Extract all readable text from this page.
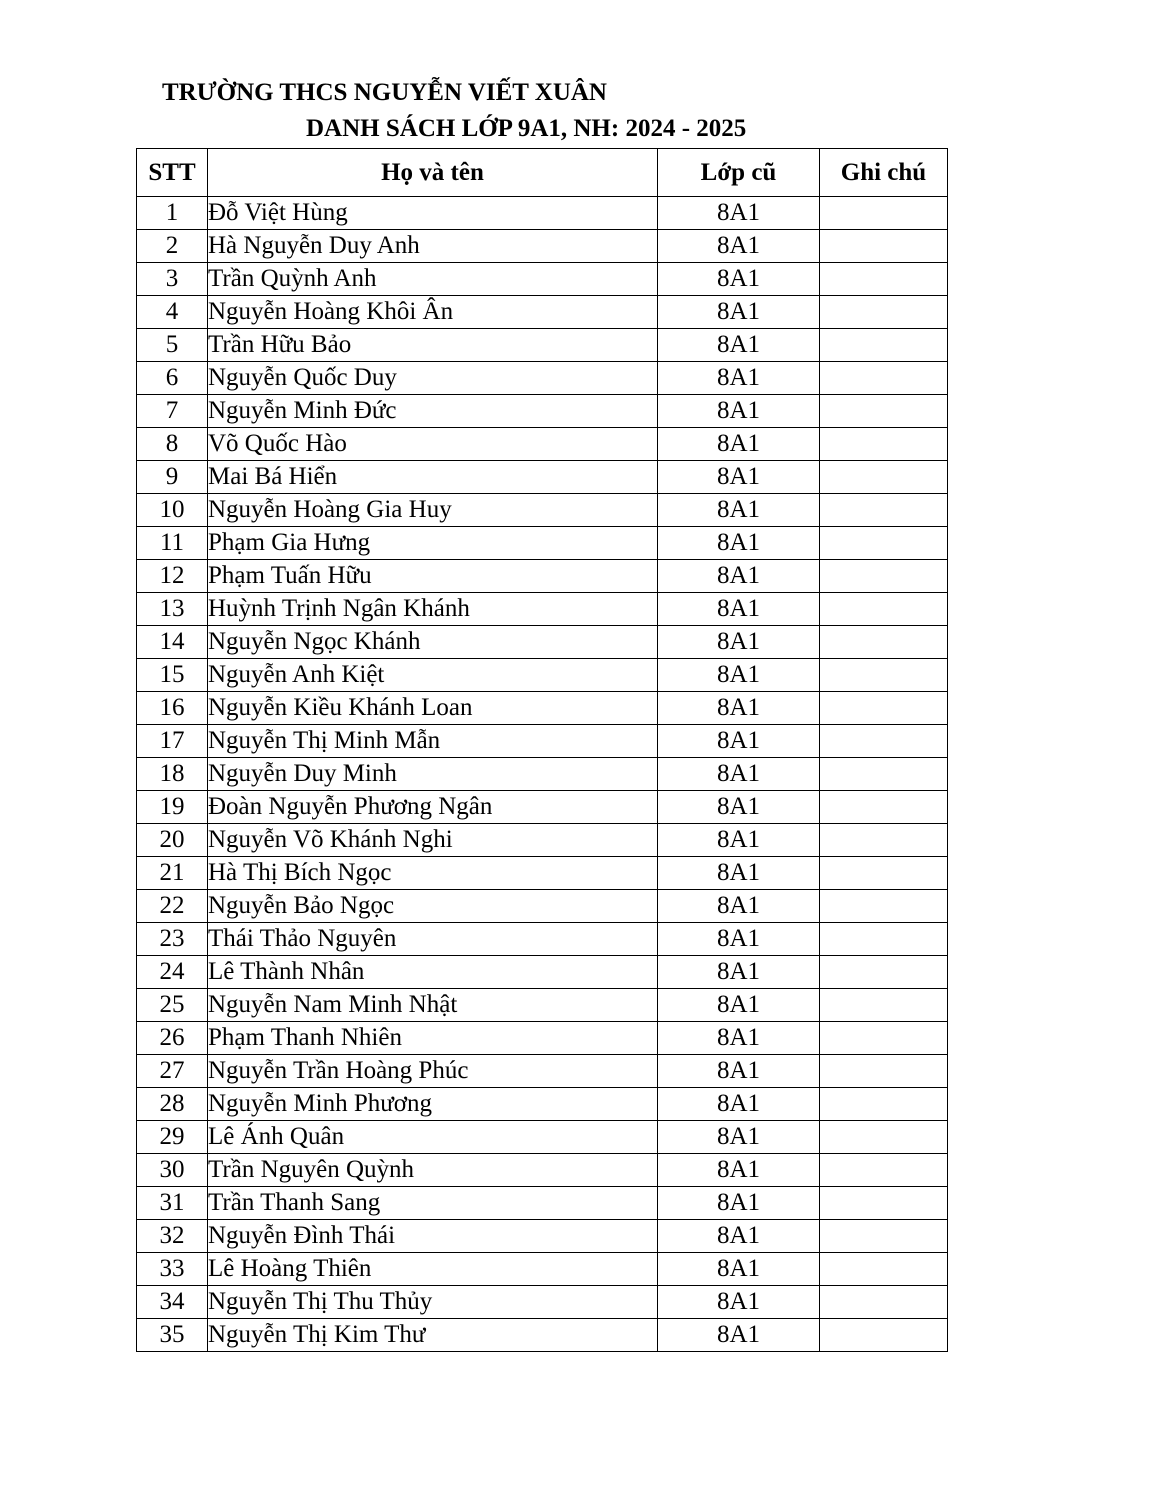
TRƯỜNG THCS NGUYỄN VIẾT XUÂN
DANH SÁCH LỚP 9A1, NH: 2024 - 2025
STT	Họ và tên	Lớp cũ	Ghi chú
1	Đỗ Việt Hùng	8A1	
2	Hà Nguyễn Duy Anh	8A1	
3	Trần Quỳnh Anh	8A1	
4	Nguyễn Hoàng Khôi Ân	8A1	
5	Trần Hữu Bảo	8A1	
6	Nguyễn Quốc Duy	8A1	
7	Nguyễn Minh Đức	8A1	
8	Võ Quốc Hào	8A1	
9	Mai Bá Hiển	8A1	
10	Nguyễn Hoàng Gia Huy	8A1	
11	Phạm Gia Hưng	8A1	
12	Phạm Tuấn Hữu	8A1	
13	Huỳnh Trịnh Ngân Khánh	8A1	
14	Nguyễn Ngọc Khánh	8A1	
15	Nguyễn Anh Kiệt	8A1	
16	Nguyễn Kiều Khánh Loan	8A1	
17	Nguyễn Thị Minh Mẫn	8A1	
18	Nguyễn Duy Minh	8A1	
19	Đoàn Nguyễn Phương Ngân	8A1	
20	Nguyễn Võ Khánh Nghi	8A1	
21	Hà Thị Bích Ngọc	8A1	
22	Nguyễn Bảo Ngọc	8A1	
23	Thái Thảo Nguyên	8A1	
24	Lê Thành Nhân	8A1	
25	Nguyễn Nam Minh Nhật	8A1	
26	Phạm Thanh Nhiên	8A1	
27	Nguyễn Trần Hoàng Phúc	8A1	
28	Nguyễn Minh Phương	8A1	
29	Lê Ánh Quân	8A1	
30	Trần Nguyên Quỳnh	8A1	
31	Trần Thanh Sang	8A1	
32	Nguyễn Đình Thái	8A1	
33	Lê Hoàng Thiên	8A1	
34	Nguyễn Thị Thu Thủy	8A1	
35	Nguyễn Thị Kim Thư	8A1	
